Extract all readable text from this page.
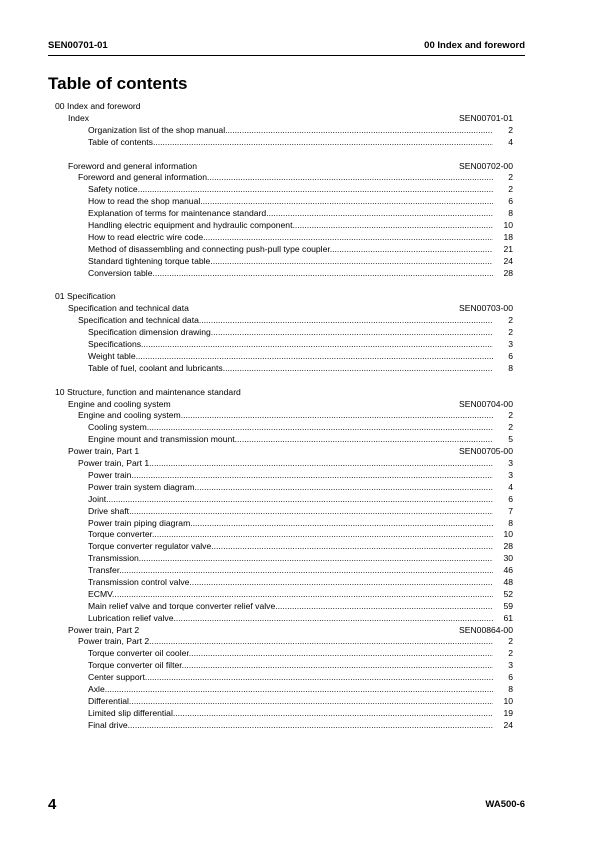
SEN00701-01	00 Index and foreword
Table of contents
00 Index and foreword
Index	SEN00701-01
Organization list of the shop manual .....	2
Table of contents .....	4
Foreword and general information	SEN00702-00
Foreword and general information .....	2
Safety notice .....	2
How to read the shop manual .....	6
Explanation of terms for maintenance standard .....	8
Handling electric equipment and hydraulic component .....	10
How to read electric wire code .....	18
Method of disassembling and connecting push-pull type coupler .....	21
Standard tightening torque table .....	24
Conversion table .....	28
01 Specification
Specification and technical data	SEN00703-00
Specification and technical data .....	2
Specification dimension drawing .....	2
Specifications .....	3
Weight table .....	6
Table of fuel, coolant and lubricants .....	8
10 Structure, function and maintenance standard
Engine and cooling system	SEN00704-00
Engine and cooling system .....	2
Cooling system .....	2
Engine mount and transmission mount .....	5
Power train, Part 1	SEN00705-00
Power train, Part 1 .....	3
Power train .....	3
Power train system diagram .....	4
Joint .....	6
Drive shaft .....	7
Power train piping diagram .....	8
Torque converter .....	10
Torque converter regulator valve .....	28
Transmission .....	30
Transfer .....	46
Transmission control valve .....	48
ECMV .....	52
Main relief valve and torque converter relief valve .....	59
Lubrication relief valve .....	61
Power train, Part 2	SEN00864-00
Power train, Part 2 .....	2
Torque converter oil cooler .....	2
Torque converter oil filter .....	3
Center support .....	6
Axle .....	8
Differential .....	10
Limited slip differential .....	19
Final drive .....	24
4	WA500-6
